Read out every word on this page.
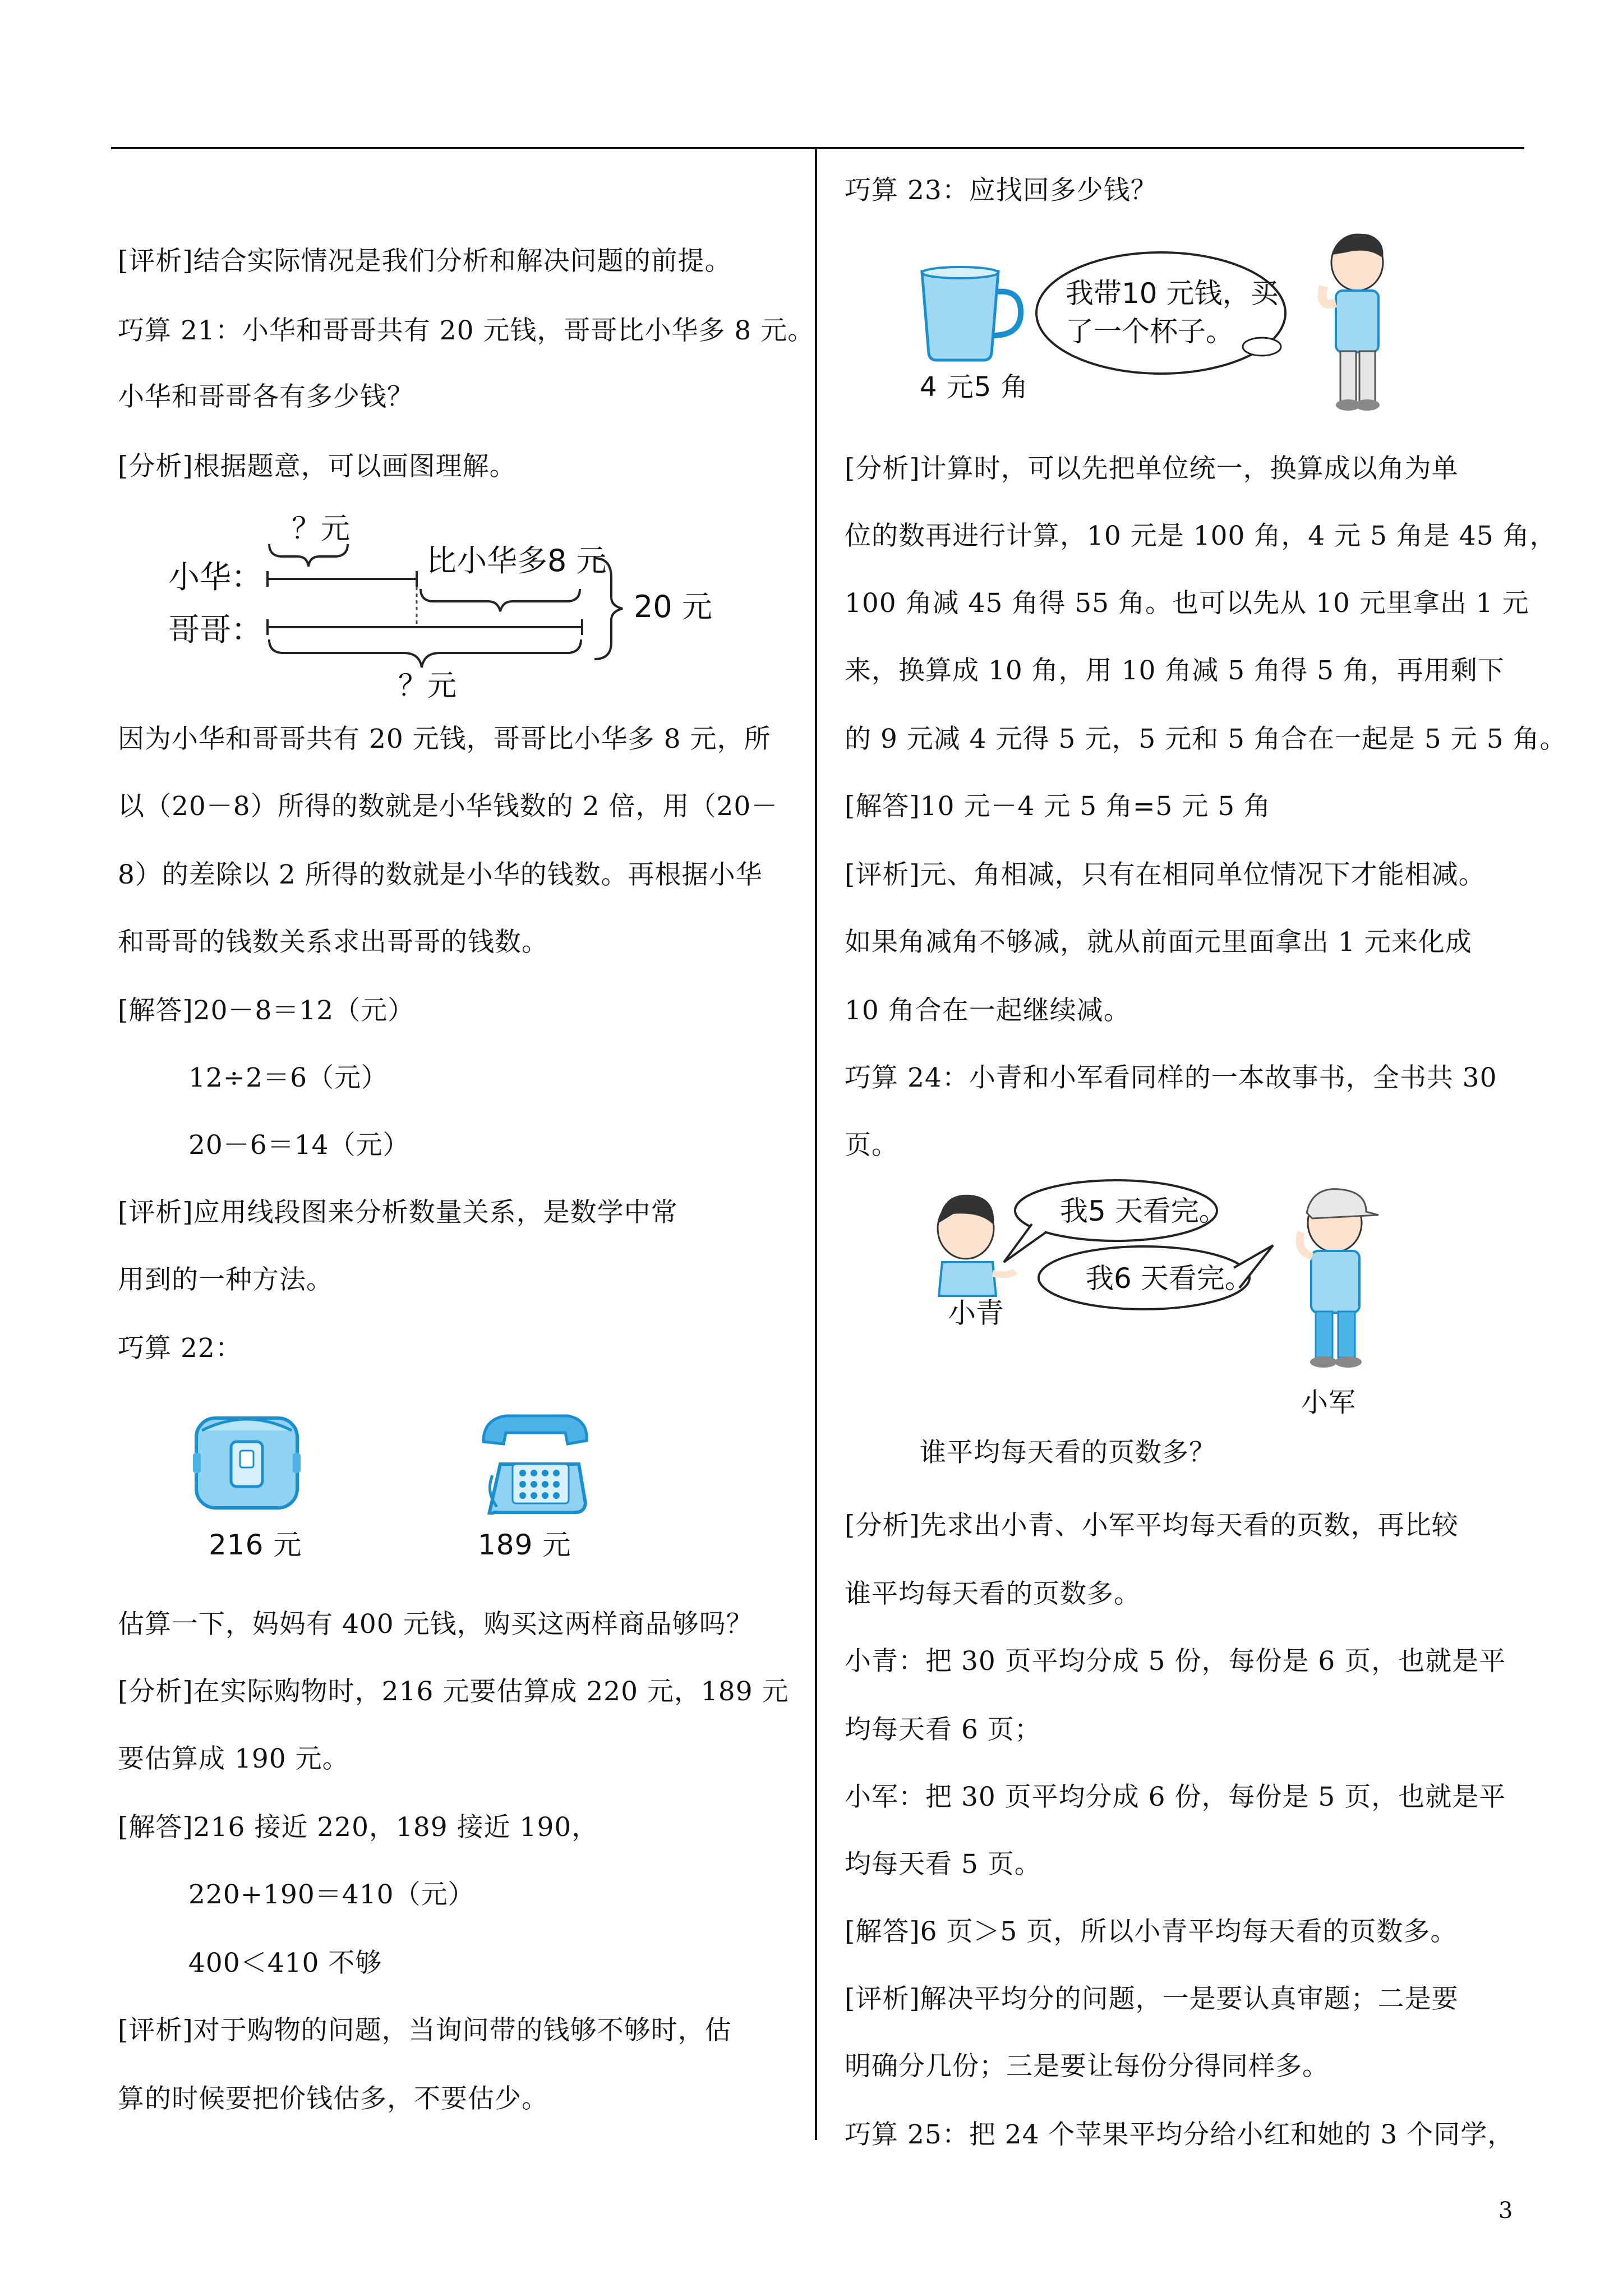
[评析]结合实际情况是我们分析和解决问题的前提。
巧算 21：小华和哥哥共有 20 元钱，哥哥比小华多 8 元。
小华和哥哥各有多少钱？
[分析]根据题意，可以画图理解。
？元
小华：
哥哥：
比小华多8 元
20 元
？元
因为小华和哥哥共有 20 元钱，哥哥比小华多 8 元，所
以（20－8）所得的数就是小华钱数的 2 倍，用（20－
8）的差除以 2 所得的数就是小华的钱数。再根据小华
和哥哥的钱数关系求出哥哥的钱数。
[解答]20－8＝12（元）
12÷2＝6（元）
20－6＝14（元）
[评析]应用线段图来分析数量关系，是数学中常
用到的一种方法。
巧算 22：
216 元	189 元
估算一下，妈妈有 400 元钱，购买这两样商品够吗？
[分析]在实际购物时，216 元要估算成 220 元，189 元
要估算成 190 元。
[解答]216 接近 220，189 接近 190，
220+190＝410（元）
400＜410 不够
[评析]对于购物的问题，当询问带的钱够不够时，估
算的时候要把价钱估多，不要估少。
巧算 23：应找回多少钱？
4 元5 角
我带10 元钱，买
了一个杯子。
[分析]计算时，可以先把单位统一，换算成以角为单
位的数再进行计算，10 元是 100 角，4 元 5 角是 45 角，
100 角减 45 角得 55 角。也可以先从 10 元里拿出 1 元
来，换算成 10 角，用 10 角减 5 角得 5 角，再用剩下
的 9 元减 4 元得 5 元，5 元和 5 角合在一起是 5 元 5 角。
[解答]10 元－4 元 5 角=5 元 5 角
[评析]元、角相减，只有在相同单位情况下才能相减。
如果角减角不够减，就从前面元里面拿出 1 元来化成
10 角合在一起继续减。
巧算 24：小青和小军看同样的一本故事书，全书共 30
页。
小青
我5 天看完。
我6 天看完。
小军
谁平均每天看的页数多？
[分析]先求出小青、小军平均每天看的页数，再比较
谁平均每天看的页数多。
小青：把 30 页平均分成 5 份，每份是 6 页，也就是平
均每天看 6 页；
小军：把 30 页平均分成 6 份，每份是 5 页，也就是平
均每天看 5 页。
[解答]6 页＞5 页，所以小青平均每天看的页数多。
[评析]解决平均分的问题，一是要认真审题；二是要
明确分几份；三是要让每份分得同样多。
巧算 25：把 24 个苹果平均分给小红和她的 3 个同学，
3
